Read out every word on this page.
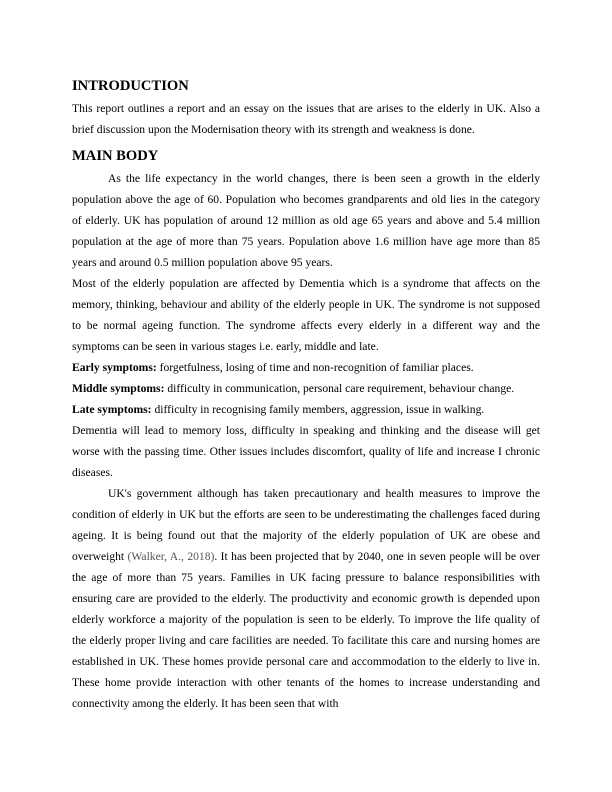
INTRODUCTION

This report outlines a report and an essay on the issues that are arises to the elderly in UK. Also a brief discussion upon the Modernisation theory with its strength and weakness is done.

MAIN BODY

As the life expectancy in the world changes, there is been seen a growth in the elderly population above the age of 60. Population who becomes grandparents and old lies in the category of elderly. UK has population of around 12 million as old age 65 years and above and 5.4 million population at the age of more than 75 years. Population above 1.6 million have age more than 85 years and around 0.5 million population above 95 years.

Most of the elderly population are affected by Dementia which is a syndrome that affects on the memory, thinking, behaviour and ability of the elderly people in UK. The syndrome is not supposed to be normal ageing function. The syndrome affects every elderly in a different way and the symptoms can be seen in various stages i.e. early, middle and late.

Early symptoms: forgetfulness, losing of time and non-recognition of familiar places.

Middle symptoms: difficulty in communication, personal care requirement, behaviour change.

Late symptoms: difficulty in recognising family members, aggression, issue in walking.

Dementia will lead to memory loss, difficulty in speaking and thinking and the disease will get worse with the passing time. Other issues includes discomfort, quality of life and increase I chronic diseases.

UK's government although has taken precautionary and health measures to improve the condition of elderly in UK but the efforts are seen to be underestimating the challenges faced during ageing. It is being found out that the majority of the elderly population of UK are obese and overweight (Walker, A., 2018). It has been projected that by 2040, one in seven people will be over the age of more than 75 years. Families in UK facing pressure to balance responsibilities with ensuring care are provided to the elderly. The productivity and economic growth is depended upon elderly workforce a majority of the population is seen to be elderly. To improve the life quality of the elderly proper living and care facilities are needed. To facilitate this care and nursing homes are established in UK. These homes provide personal care and accommodation to the elderly to live in. These home provide interaction with other tenants of the homes to increase understanding and connectivity among the elderly. It has been seen that with
